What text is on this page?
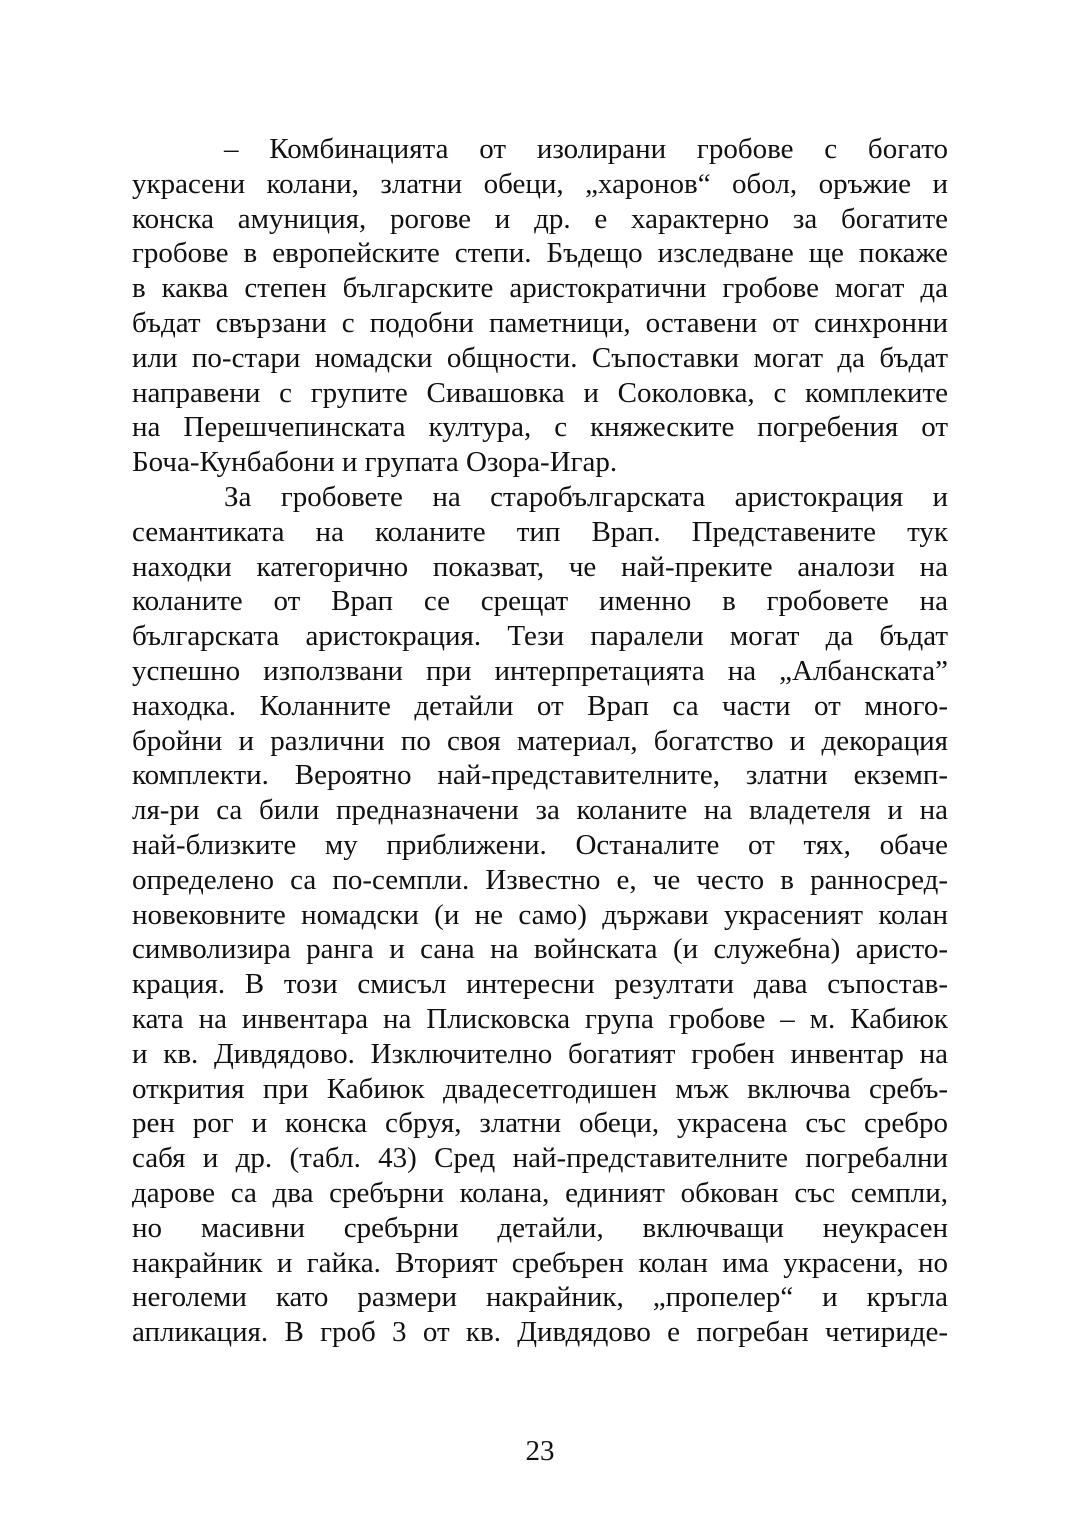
– Комбинацията от изолирани гробове с богато
украсени колани, златни обеци, „харонов“ обол, оръжие и
конска амуниция, рогове и др. е характерно за богатите
гробове в европейските степи. Бъдещо изследване ще покаже
в каква степен българските аристократични гробове могат да
бъдат свързани с подобни паметници, оставени от синхронни
или по-стари номадски общности. Съпоставки могат да бъдат
направени с групите Сивашовка и Соколовка, с комплеките
на Перешчепинската култура, с княжеските погребения от
Боча-Кунбабони и групата Озора-Игар.
За гробовете на старобългарската аристокрация и
семантиката на коланите тип Врап. Представените тук
находки категорично показват, че най-преките аналози на
коланите от Врап се срещат именно в гробовете на
българската аристокрация. Тези паралели могат да бъдат
успешно използвани при интерпретацията на „Албанската”
находка. Коланните детайли от Врап са части от много-
бройни и различни по своя материал, богатство и декорация
комплекти. Вероятно най-представителните, златни екземп-
ля-ри са били предназначени за коланите на владетеля и на
най-близките му приближени. Останалите от тях, обаче
определено са по-семпли. Известно е, че често в ранносред-
новековните номадски (и не само) държави украсеният колан
символизира ранга и сана на войнската (и служебна) аристо-
крация. В този смисъл интересни резултати дава съпостав-
ката на инвентара на Плисковска група гробове – м. Кабиюк
и кв. Дивдядово. Изключително богатият гробен инвентар на
открития при Кабиюк двадесетгодишен мъж включва сребъ-
рен рог и конска сбруя, златни обеци, украсена със сребро
сабя и др. (табл. 43) Сред най-представителните погребални
дарове са два сребърни колана, единият обкован със семпли,
но масивни сребърни детайли, включващи неукрасен
накрайник и гайка. Вторият сребърен колан има украсени, но
неголеми като размери накрайник, „пропелер“ и кръгла
апликация. В гроб 3 от кв. Дивдядово е погребан четириде-
23
